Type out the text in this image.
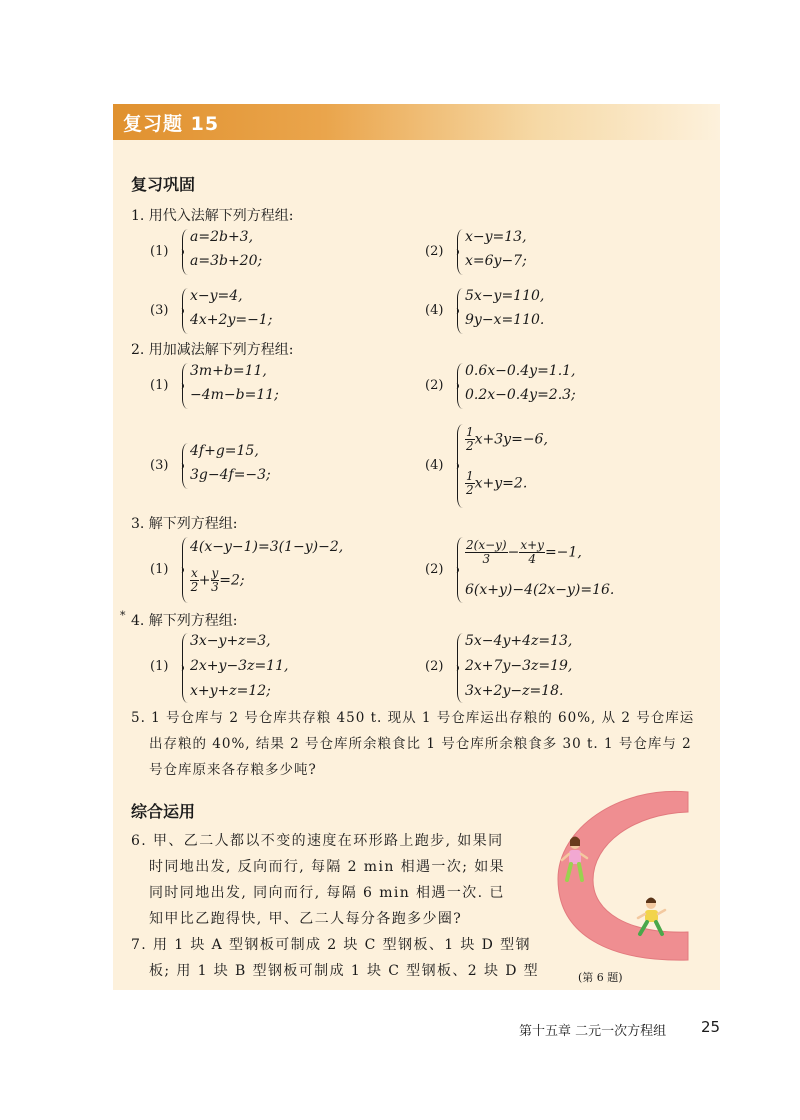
复习题 15
复习巩固
1. 用代入法解下列方程组:
(1)
a=2b+3,
a=3b+20;
(2)
x−y=13,
x=6y−7;
(3)
x−y=4,
4x+2y=−1;
(4)
5x−y=110,
9y−x=110.
2. 用加减法解下列方程组:
(1)
3m+b=11,
−4m−b=11;
(2)
0.6x−0.4y=1.1,
0.2x−0.4y=2.3;
(3)
4f+g=15,
3g−4f=−3;
(4)
$\frac{1}{2} x+3y=-6$,
$\frac{1}{2} x+y=2$.
3. 解下列方程组:
(1)
4(x−y−1)=3(1−y)−2,
$\frac{x}{2} + \frac{y}{3} =2$;
(2)
$\frac{2(x-y)}{3} - \frac{x+y}{4} =-1$,
6(x+y)−4(2x−y)=16.
* 4. 解下列方程组:
(1)
3x−y+z=3,
2x+y−3z=11,
x+y+z=12;
(2)
5x−4y+4z=13,
2x+7y−3z=19,
3x+2y−z=18.
5. 1 号仓库与 2 号仓库共存粮 450 t. 现从 1 号仓库运出存粮的 60%, 从 2 号仓库运
出存粮的 40%, 结果 2 号仓库所余粮食比 1 号仓库所余粮食多 30 t. 1 号仓库与 2
号仓库原来各存粮多少吨?
综合运用
6. 甲、乙二人都以不变的速度在环形路上跑步, 如果同
时同地出发, 反向而行, 每隔 2 min 相遇一次; 如果
同时同地出发, 同向而行, 每隔 6 min 相遇一次. 已
知甲比乙跑得快, 甲、乙二人每分各跑多少圈?
7. 用 1 块 A 型钢板可制成 2 块 C 型钢板、1 块 D 型钢
板; 用 1 块 B 型钢板可制成 1 块 C 型钢板、2 块 D 型	(第 6 题)
第十五章 二元一次方程组 25
